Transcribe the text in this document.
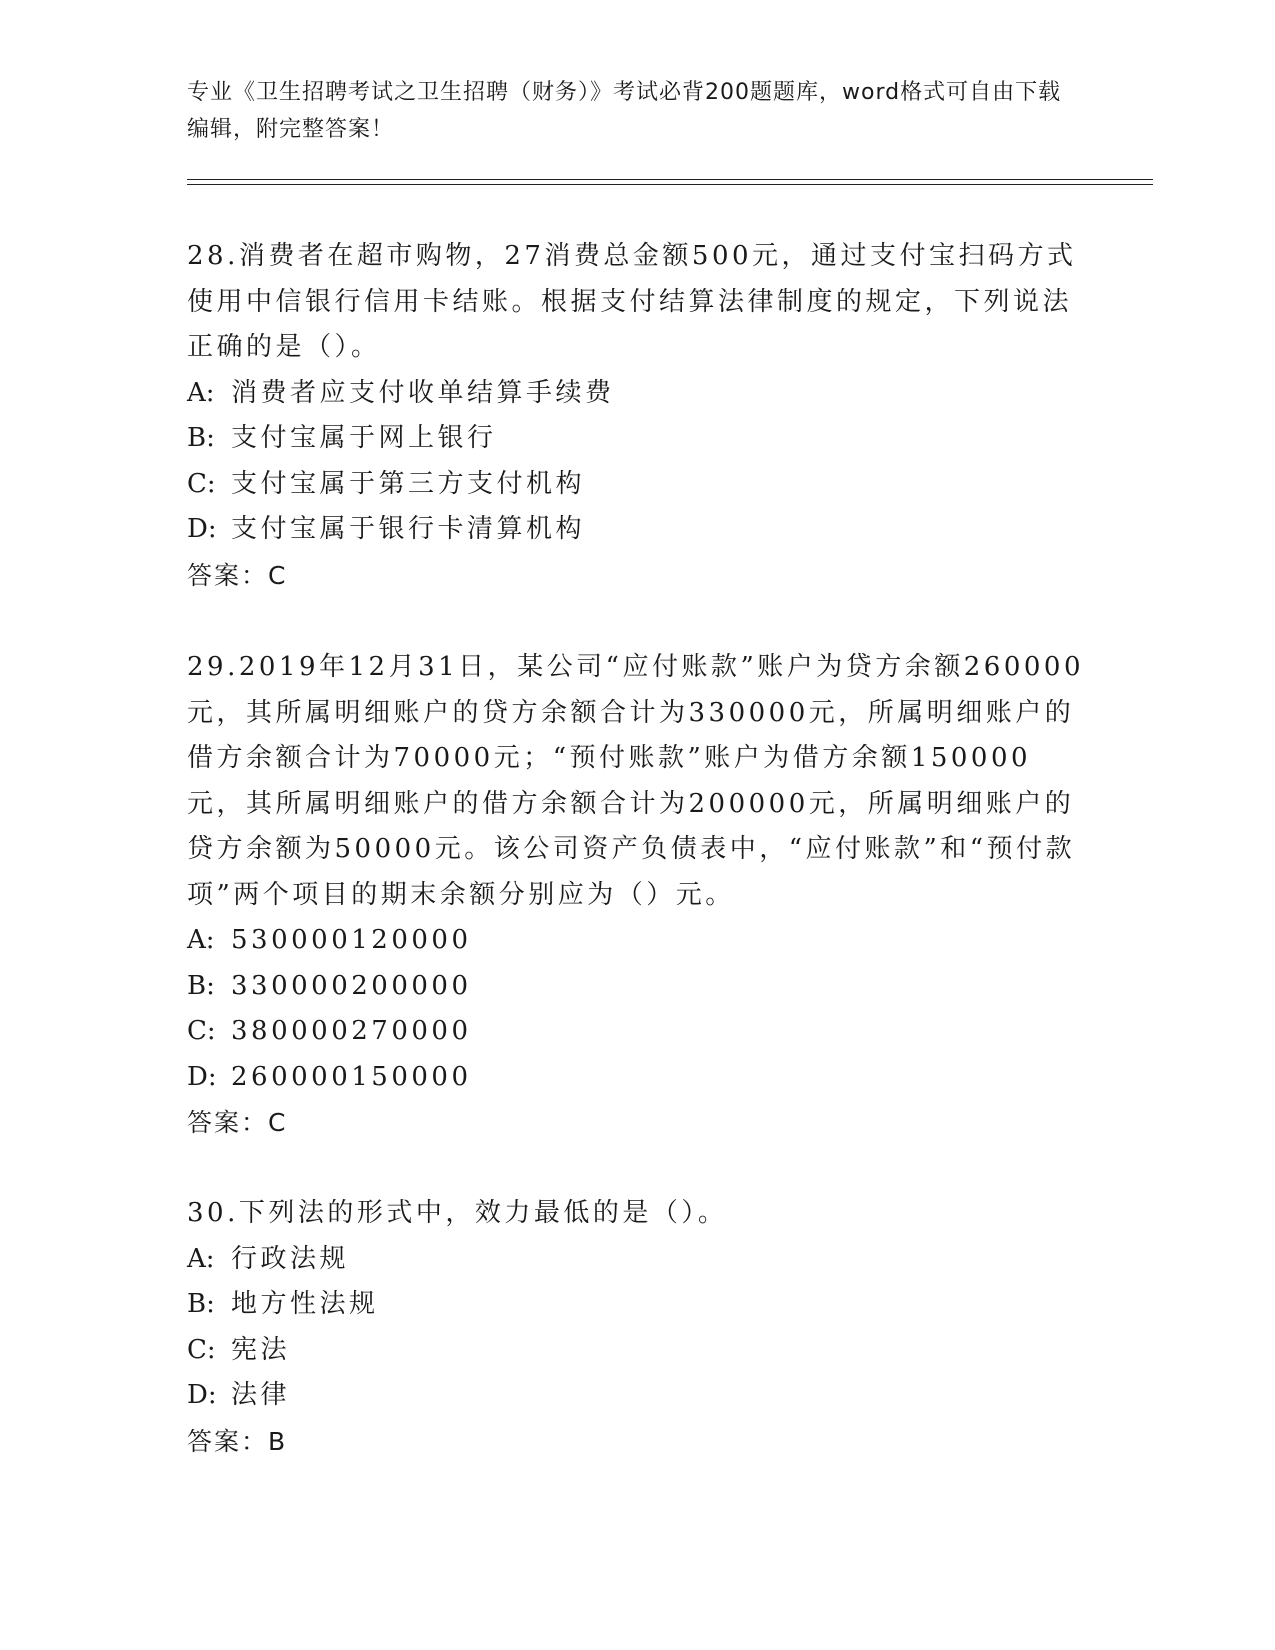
专业《卫生招聘考试之卫生招聘（财务）》考试必背200题题库，word格式可自由下载编辑，附完整答案！
28.消费者在超市购物，27消费总金额500元，通过支付宝扫码方式使用中信银行信用卡结账。根据支付结算法律制度的规定，下列说法正确的是（）。
A: 消费者应支付收单结算手续费
B: 支付宝属于网上银行
C: 支付宝属于第三方支付机构
D: 支付宝属于银行卡清算机构
答案：C
29.2019年12月31日，某公司“应付账款”账户为贷方余额260000元，其所属明细账户的贷方余额合计为330000元，所属明细账户的借方余额合计为70000元；“预付账款”账户为借方余额150000元，其所属明细账户的借方余额合计为200000元，所属明细账户的贷方余额为50000元。该公司资产负债表中，“应付账款”和“预付款项”两个项目的期末余额分别应为（）元。
A: 530000120000
B: 330000200000
C: 380000270000
D: 260000150000
答案：C
30.下列法的形式中，效力最低的是（）。
A: 行政法规
B: 地方性法规
C: 宪法
D: 法律
答案：B
